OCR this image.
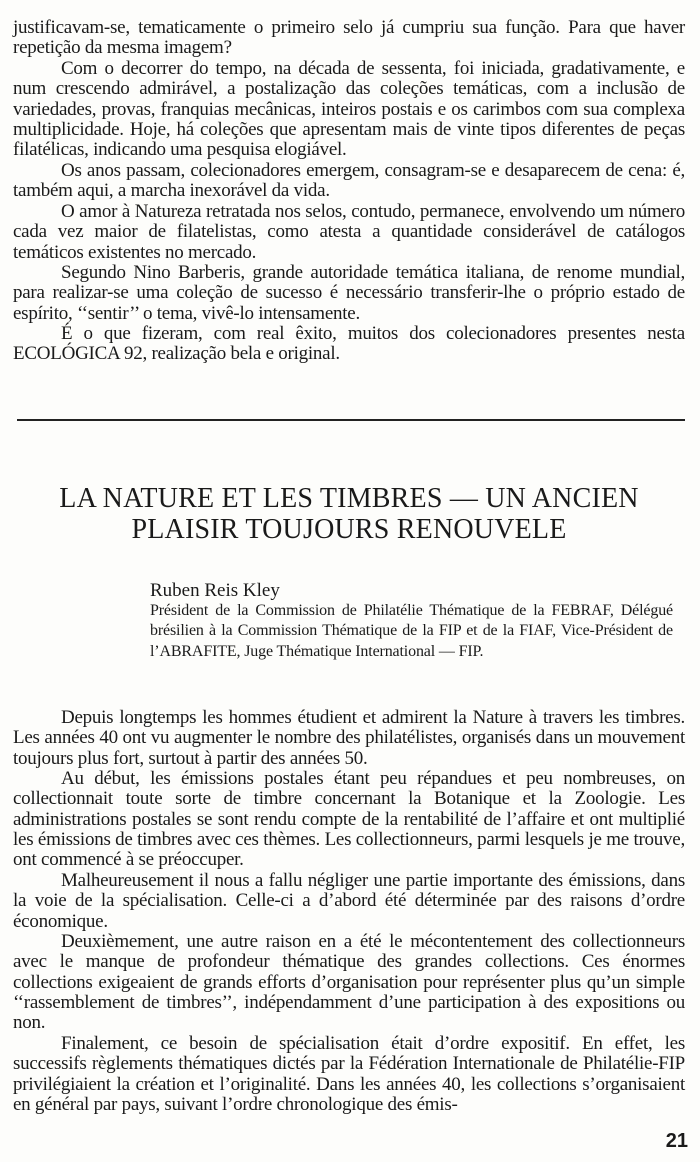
justificavam-se, tematicamente o primeiro selo já cumpriu sua função. Para que haver repetição da mesma imagem?

Com o decorrer do tempo, na década de sessenta, foi iniciada, gradativamente, e num crescendo admirável, a postalização das coleções temáticas, com a inclusão de variedades, provas, franquias mecânicas, inteiros postais e os carimbos com sua complexa multiplicidade. Hoje, há coleções que apresentam mais de vinte tipos diferentes de peças filatélicas, indicando uma pesquisa elogiável.

Os anos passam, colecionadores emergem, consagram-se e desaparecem de cena: é, também aqui, a marcha inexorável da vida.

O amor à Natureza retratada nos selos, contudo, permanece, envolvendo um número cada vez maior de filatelistas, como atesta a quantidade considerável de catálogos temáticos existentes no mercado.

Segundo Nino Barberis, grande autoridade temática italiana, de renome mundial, para realizar-se uma coleção de sucesso é necessário transferir-lhe o próprio estado de espírito, ‘‘sentir’’ o tema, vivê-lo intensamente.

É o que fizeram, com real êxito, muitos dos colecionadores presentes nesta ECOLÓGICA 92, realização bela e original.

LA NATURE ET LES TIMBRES — UN ANCIEN
PLAISIR TOUJOURS RENOUVELE

Ruben Reis Kley

Président de la Commission de Philatélie Thématique de la FEBRAF, Délégué brésilien à la Commission Thématique de la FIP et de la FIAF, Vice-Président de l’ABRAFITE, Juge Thématique International — FIP.

Depuis longtemps les hommes étudient et admirent la Nature à travers les timbres. Les années 40 ont vu augmenter le nombre des philatélistes, organisés dans un mouvement toujours plus fort, surtout à partir des années 50.

Au début, les émissions postales étant peu répandues et peu nombreuses, on collectionnait toute sorte de timbre concernant la Botanique et la Zoologie. Les administrations postales se sont rendu compte de la rentabilité de l’affaire et ont multiplié les émissions de timbres avec ces thèmes. Les collectionneurs, parmi lesquels je me trouve, ont commencé à se préoccuper.

Malheureusement il nous a fallu négliger une partie importante des émissions, dans la voie de la spécialisation. Celle-ci a d’abord été déterminée par des raisons d’ordre économique.

Deuxièmement, une autre raison en a été le mécontentement des collectionneurs avec le manque de profondeur thématique des grandes collections. Ces énormes collections exigeaient de grands efforts d’organisation pour représenter plus qu’un simple ‘‘rassemblement de timbres’’, indépendamment d’une participation à des expositions ou non.

Finalement, ce besoin de spécialisation était d’ordre expositif. En effet, les successifs règlements thématiques dictés par la Fédération Internationale de Philatélie-FIP privilégiaient la création et l’originalité. Dans les années 40, les collections s’organisaient en général par pays, suivant l’ordre chronologique des émis-

21
